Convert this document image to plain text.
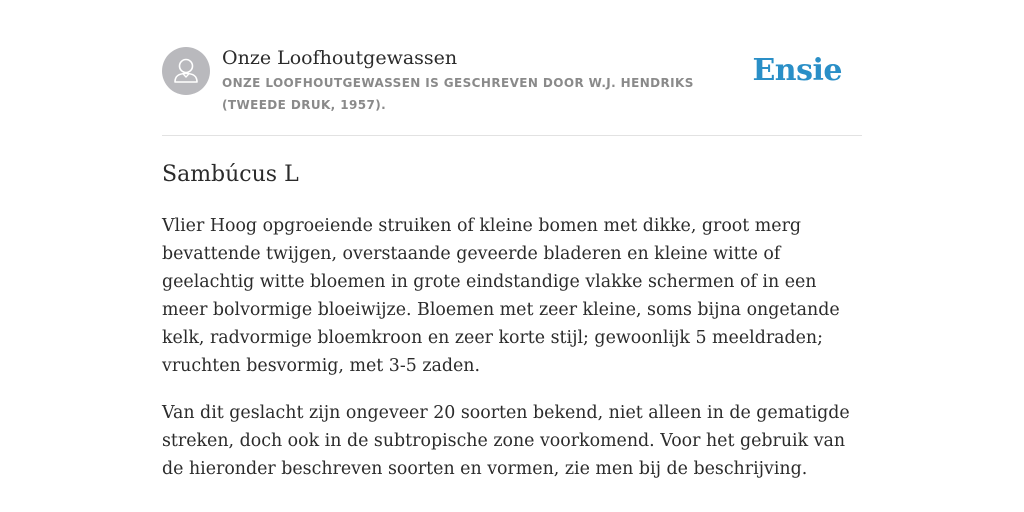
Onze Loofhoutgewassen
ONZE LOOFHOUTGEWASSEN IS GESCHREVEN DOOR W.J. HENDRIKS (TWEEDE DRUK, 1957).
Ensie
Sambúcus L

Vlier Hoog opgroeiende struiken of kleine bomen met dikke, groot merg bevattende twijgen, overstaande geveerde bladeren en kleine witte of geelachtig witte bloemen in grote eindstandige vlakke schermen of in een meer bolvormige bloeiwijze. Bloemen met zeer kleine, soms bijna ongetande kelk, radvormige bloemkroon en zeer korte stijl; gewoonlijk 5 meeldraden; vruchten besvormig, met 3-5 zaden.

Van dit geslacht zijn ongeveer 20 soorten bekend, niet alleen in de gematigde streken, doch ook in de subtropische zone voorkomend. Voor het gebruik van de hieronder beschreven soorten en vormen, zie men bij de beschrijving.
